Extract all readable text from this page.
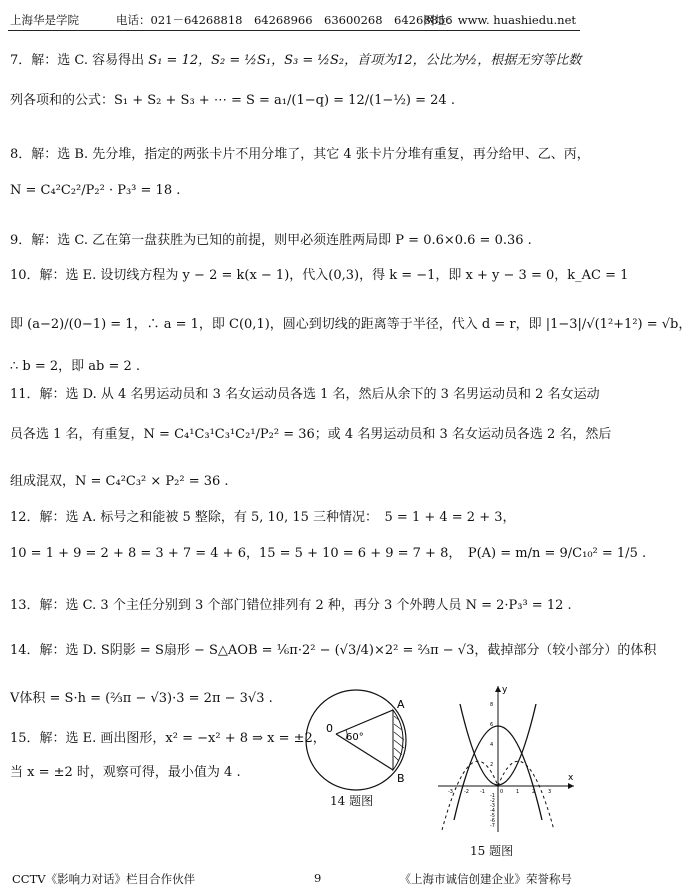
上海华是学院	电话：021－64268818　64268966　63600268　64268856
网址：www. huashiedu.net
7．解：选 C. 容易得出 S₁ = 12，S₂ = ½S₁，S₃ = ½S₂，首项为12，公比为½，根据无穷等比数
列各项和的公式：S₁ + S₂ + S₃ + ⋯ = S = a₁/(1−q) = 12/(1−½) = 24 .
8．解：选 B. 先分堆，指定的两张卡片不用分堆了，其它 4 张卡片分堆有重复，再分给甲、乙、丙，
N = C₄²C₂²/P₂² · P₃³ = 18 .
9．解：选 C. 乙在第一盘获胜为已知的前提，则甲必须连胜两局即 P = 0.6×0.6 = 0.36 .
10．解：选 E. 设切线方程为 y − 2 = k(x − 1)，代入(0,3)，得 k = −1，即 x + y − 3 = 0，k_AC = 1
即 (a−2)/(0−1) = 1，∴ a = 1，即 C(0,1)，圆心到切线的距离等于半径，代入 d = r，即 |1−3|/√(1²+1²) = √b，
∴ b = 2，即 ab = 2 .
11．解：选 D. 从 4 名男运动员和 3 名女运动员各选 1 名，然后从余下的 3 名男运动员和 2 名女运动
员各选 1 名，有重复，N = C₄¹C₃¹C₃¹C₂¹/P₂² = 36；或 4 名男运动员和 3 名女运动员各选 2 名，然后
组成混双，N = C₄²C₃² × P₂² = 36 .
12．解：选 A. 标号之和能被 5 整除，有 5, 10, 15 三种情况：　5 = 1 + 4 = 2 + 3，
10 = 1 + 9 = 2 + 8 = 3 + 7 = 4 + 6，15 = 5 + 10 = 6 + 9 = 7 + 8，　P(A) = m/n = 9/C₁₀² = 1/5 .
13．解：选 C. 3 个主任分别到 3 个部门错位排列有 2 种，再分 3 个外聘人员 N = 2·P₃³ = 12 .
14．解：选 D. S阴影 = S扇形 − S△AOB = ⅙π·2² − (√3/4)×2² = ⅔π − √3，截掉部分（较小部分）的体积
V体积 = S·h = (⅔π − √3)·3 = 2π − 3√3 .
15．解：选 E. 画出图形，x² = −x² + 8 ⇒ x = ±2，
当 x = ±2 时，观察可得，最小值为 4 .
0
60°
A
B
14 题图
y
x
8
6
4
2
-1
-2
-3
-4
-5
-6
-7
-3 -2 -1	0	1	2	3
15 题图
CCTV《影响力对话》栏目合作伙伴	9	《上海市诚信创建企业》荣誉称号
